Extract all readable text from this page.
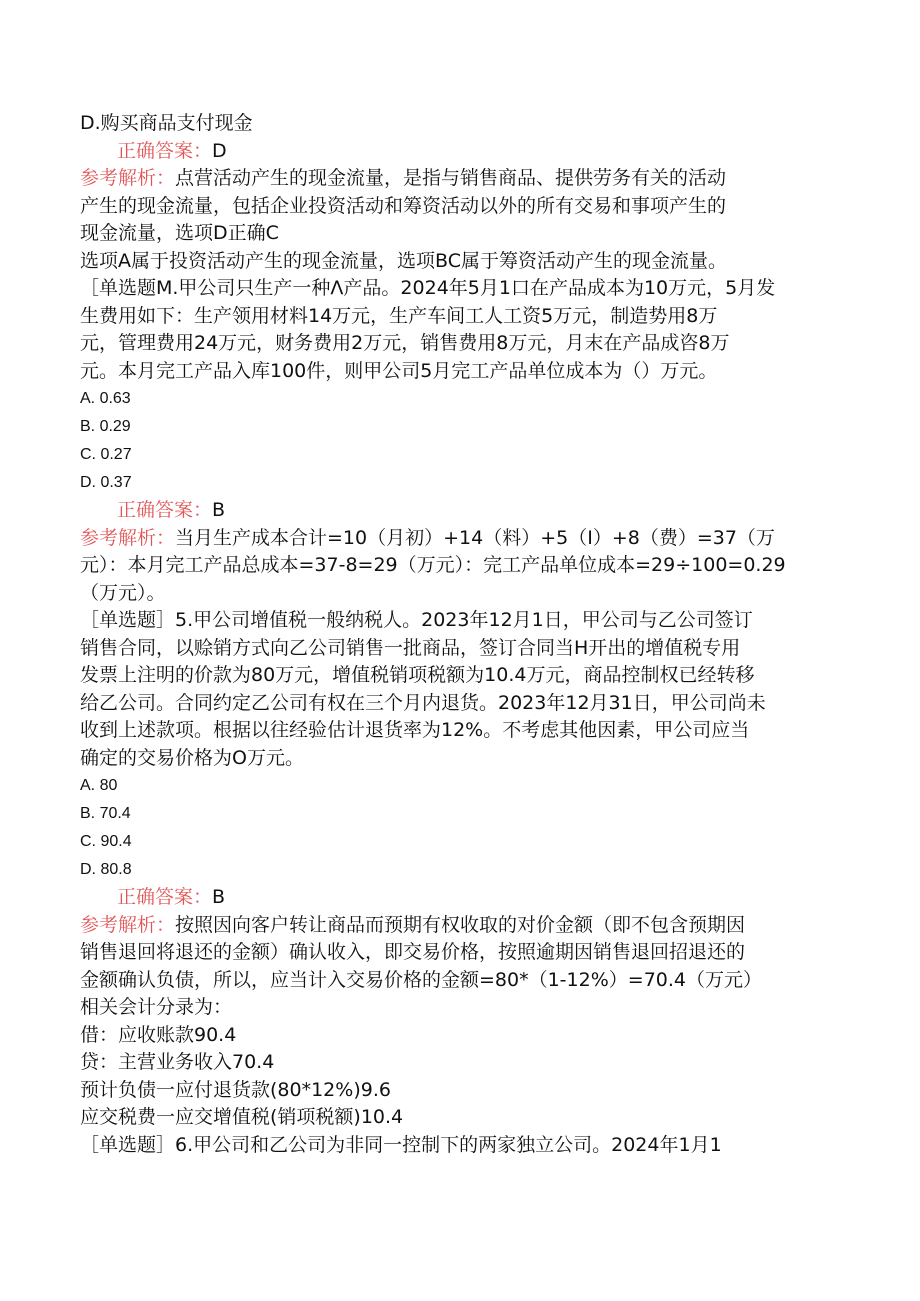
D.购买商品支付现金
正确答案：D
参考解析：点营活动产生的现金流量，是指与销售商品、提供劳务有关的活动
产生的现金流量，包括企业投资活动和筹资活动以外的所有交易和事项产生的
现金流量，选项D正确C
选项A属于投资活动产生的现金流量，选项BC属于筹资活动产生的现金流量。
［单选题M.甲公司只生产一种Λ产品。2024年5月1口在产品成本为10万元，5月发
生费用如下：生产领用材料14万元，生产车间工人工资5万元，制造势用8万
元，管理费用24万元，财务费用2万元，销售费用8万元，月末在产品成咨8万
元。本月完工产品入库100件，则甲公司5月完工产品单位成本为（）万元。
A. 0.63
B. 0.29
C. 0.27
D. 0.37
正确答案：B
参考解析：当月生产成本合计=10（月初）+14（料）+5（I）+8（费）=37（万
元）：本月完工产品总成本=37-8=29（万元）：完工产品单位成本=29÷100=0.29
（万元）。
［单选题］5.甲公司增值税一般纳税人。2023年12月1日，甲公司与乙公司签订
销售合同，以赊销方式向乙公司销售一批商品，签订合同当H开出的增值税专用
发票上注明的价款为80万元，增值税销项税额为10.4万元，商品控制权已经转移
给乙公司。合同约定乙公司有权在三个月内退货。2023年12月31日，甲公司尚未
收到上述款项。根据以往经验估计退货率为12%。不考虑其他因素，甲公司应当
确定的交易价格为O万元。
A. 80
B. 70.4
C. 90.4
D. 80.8
正确答案：B
参考解析：按照因向客户转让商品而预期有权收取的对价金额（即不包含预期因
销售退回将退还的金额）确认收入，即交易价格，按照逾期因销售退回招退还的
金额确认负债，所以，应当计入交易价格的金额=80*（1-12%）=70.4（万元）
相关会计分录为：
借：应收账款90.4
贷：主营业务收入70.4
预计负债一应付退货款(80*12%)9.6
应交税费一应交增值税(销项税额)10.4
［单选题］6.甲公司和乙公司为非同一控制下的两家独立公司。2024年1月1
